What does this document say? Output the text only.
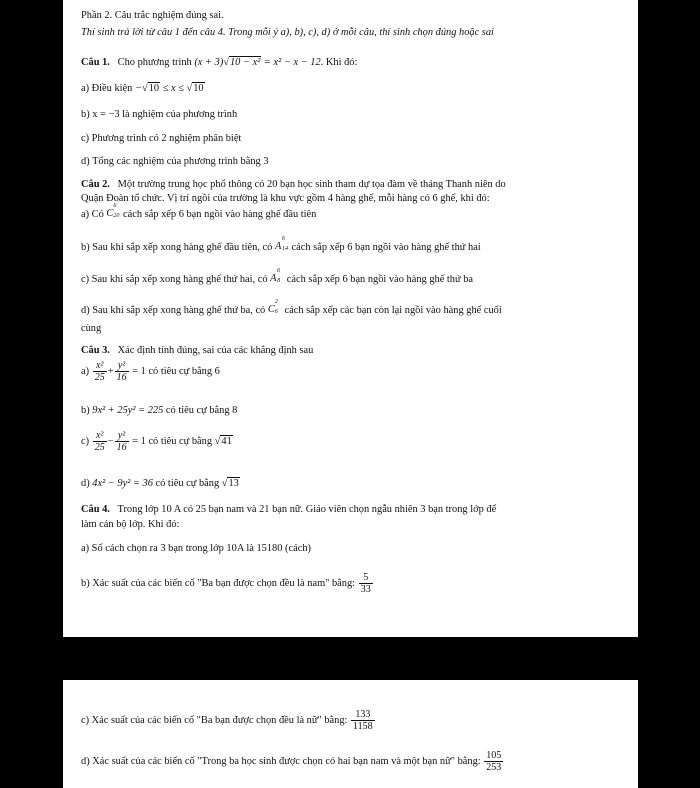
Phần 2. Câu trắc nghiệm đúng sai.
Thí sinh trả lời từ câu 1 đến câu 4. Trong mỗi ý a), b), c), d) ở mỗi câu, thí sinh chọn đúng hoặc sai
Câu 1. Cho phương trình (x + 3)√10 − x² = x² − x − 12. Khi đó:
a) Điều kiện −√10 ≤ x ≤ √10
b) x = −3 là nghiệm của phương trình
c) Phương trình có 2 nghiệm phân biệt
d) Tổng các nghiệm của phương trình bằng 3
Câu 2. Một trường trung học phổ thông có 20 bạn học sinh tham dự tọa đàm về tháng Thanh niên do
Quận Đoàn tổ chức. Vị trí ngồi của trường là khu vực gồm 4 hàng ghế, mỗi hàng có 6 ghế, khi đó:
a) Có C
6
20 cách sắp xếp 6 bạn ngồi vào hàng ghế đầu tiên
b) Sau khi sắp xếp xong hàng ghế đầu tiên, có A
6
14 cách sắp xếp 6 bạn ngồi vào hàng ghế thứ hai
c) Sau khi sắp xếp xong hàng ghế thứ hai, có A
6
8 cách sắp xếp 6 bạn ngồi vào hàng ghế thứ ba
d) Sau khi sắp xếp xong hàng ghế thứ ba, có C
2
6 cách sắp xếp các bạn còn lại ngồi vào hàng ghế cuối
cùng
Câu 3. Xác định tính đúng, sai của các khẳng định sau
$a) \frac{\text{x²}}{25} + \frac{\text{y²}}{16} = 1$ có tiêu cự bằng 6
b) 9x² + 25y² = 225 có tiêu cự bằng 8
$c) \frac{\text{x²}}{25} - \frac{\text{y²}}{16} = 1$ có tiêu cự bằng √41
d) 4x² − 9y² = 36 có tiêu cự bằng √13
Câu 4. Trong lớp 10 A có 25 bạn nam và 21 bạn nữ. Giáo viên chọn ngẫu nhiên 3 bạn trong lớp để
làm cán bộ lớp. Khi đó:
a) Số cách chọn ra 3 bạn trong lớp 10A là 15180 (cách)
b) Xác suất của các biến cố "Ba bạn được chọn đều là nam" bằng: $\frac{5}{33}$
c) Xác suất của các biến cố "Ba bạn được chọn đều là nữ" bằng: $\frac{133}{1158}$
d) Xác suất của các biến cố "Trong ba học sinh được chọn có hai bạn nam và một bạn nữ" bằng: $\frac{105}{253}$
